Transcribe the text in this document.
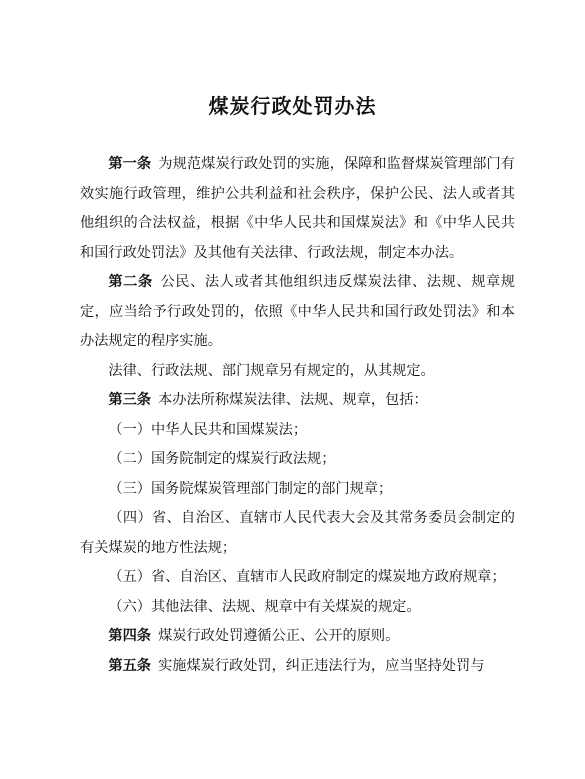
煤炭行政处罚办法

第一条  为规范煤炭行政处罚的实施，保障和监督煤炭管理部门有效实施行政管理，维护公共利益和社会秩序，保护公民、法人或者其他组织的合法权益，根据《中华人民共和国煤炭法》和《中华人民共和国行政处罚法》及其他有关法律、行政法规，制定本办法。

第二条  公民、法人或者其他组织违反煤炭法律、法规、规章规定，应当给予行政处罚的，依照《中华人民共和国行政处罚法》和本办法规定的程序实施。

法律、行政法规、部门规章另有规定的，从其规定。

第三条  本办法所称煤炭法律、法规、规章，包括：

（一）中华人民共和国煤炭法；

（二）国务院制定的煤炭行政法规；

（三）国务院煤炭管理部门制定的部门规章；

（四）省、自治区、直辖市人民代表大会及其常务委员会制定的有关煤炭的地方性法规；

（五）省、自治区、直辖市人民政府制定的煤炭地方政府规章；

（六）其他法律、法规、规章中有关煤炭的规定。

第四条  煤炭行政处罚遵循公正、公开的原则。

第五条  实施煤炭行政处罚，纠正违法行为，应当坚持处罚与
